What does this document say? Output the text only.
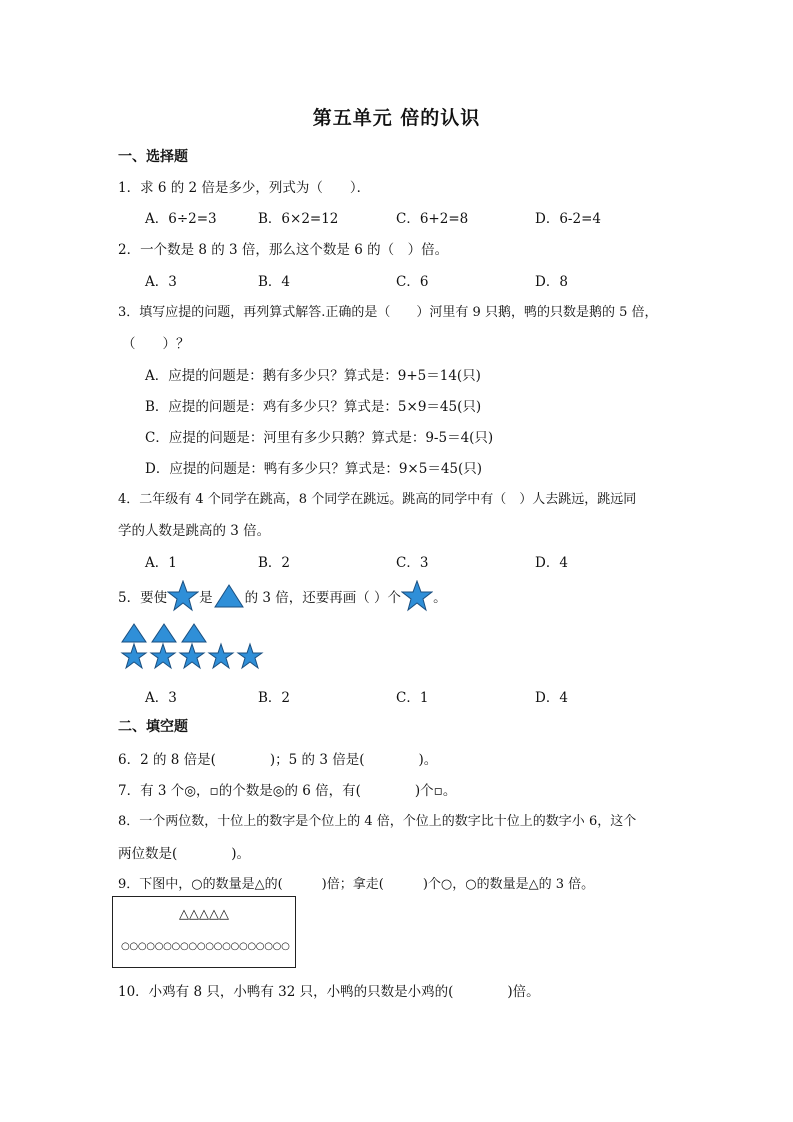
第五单元 倍的认识
一、选择题
1．求 6 的 2 倍是多少，列式为（　　）．
A．6÷2=3	B．6×2=12	C．6+2=8	D．6-2=4
2．一个数是 8 的 3 倍，那么这个数是 6 的（　）倍。
A．3	B．4	C．6	D．8
3．填写应提的问题，再列算式解答.正确的是（　　）河里有 9 只鹅，鸭的只数是鹅的 5 倍，
（　　）？
A．应提的问题是：鹅有多少只？算式是：9+5＝14(只)
B．应提的问题是：鸡有多少只？算式是：5×9＝45(只)
C．应提的问题是：河里有多少只鹅？算式是：9-5＝4(只)
D．应提的问题是：鸭有多少只？算式是：9×5＝45(只)
4．二年级有 4 个同学在跳高，8 个同学在跳远。跳高的同学中有（　）人去跳远，跳远同
学的人数是跳高的 3 倍。
A．1	B．2	C．3	D．4
5．要使 是 的 3 倍，还要再画（ ）个 。
A．3	B．2	C．1	D．4
二、填空题
6．2 的 8 倍是(　　　　)；5 的 3 倍是(　　　　)。
7．有 3 个◎，▫的个数是◎的 6 倍，有(　　　　)个▫。
8．一个两位数，十位上的数字是个位上的 4 倍，个位上的数字比十位上的数字小 6，这个
两位数是(　　　　)。
9．下图中，○的数量是△的(　　　)倍；拿走(　　　)个○，○的数量是△的 3 倍。
△△△△△
○○○○○○○○○○○○○○○○○○○○
10．小鸡有 8 只，小鸭有 32 只，小鸭的只数是小鸡的(　　　　)倍。
